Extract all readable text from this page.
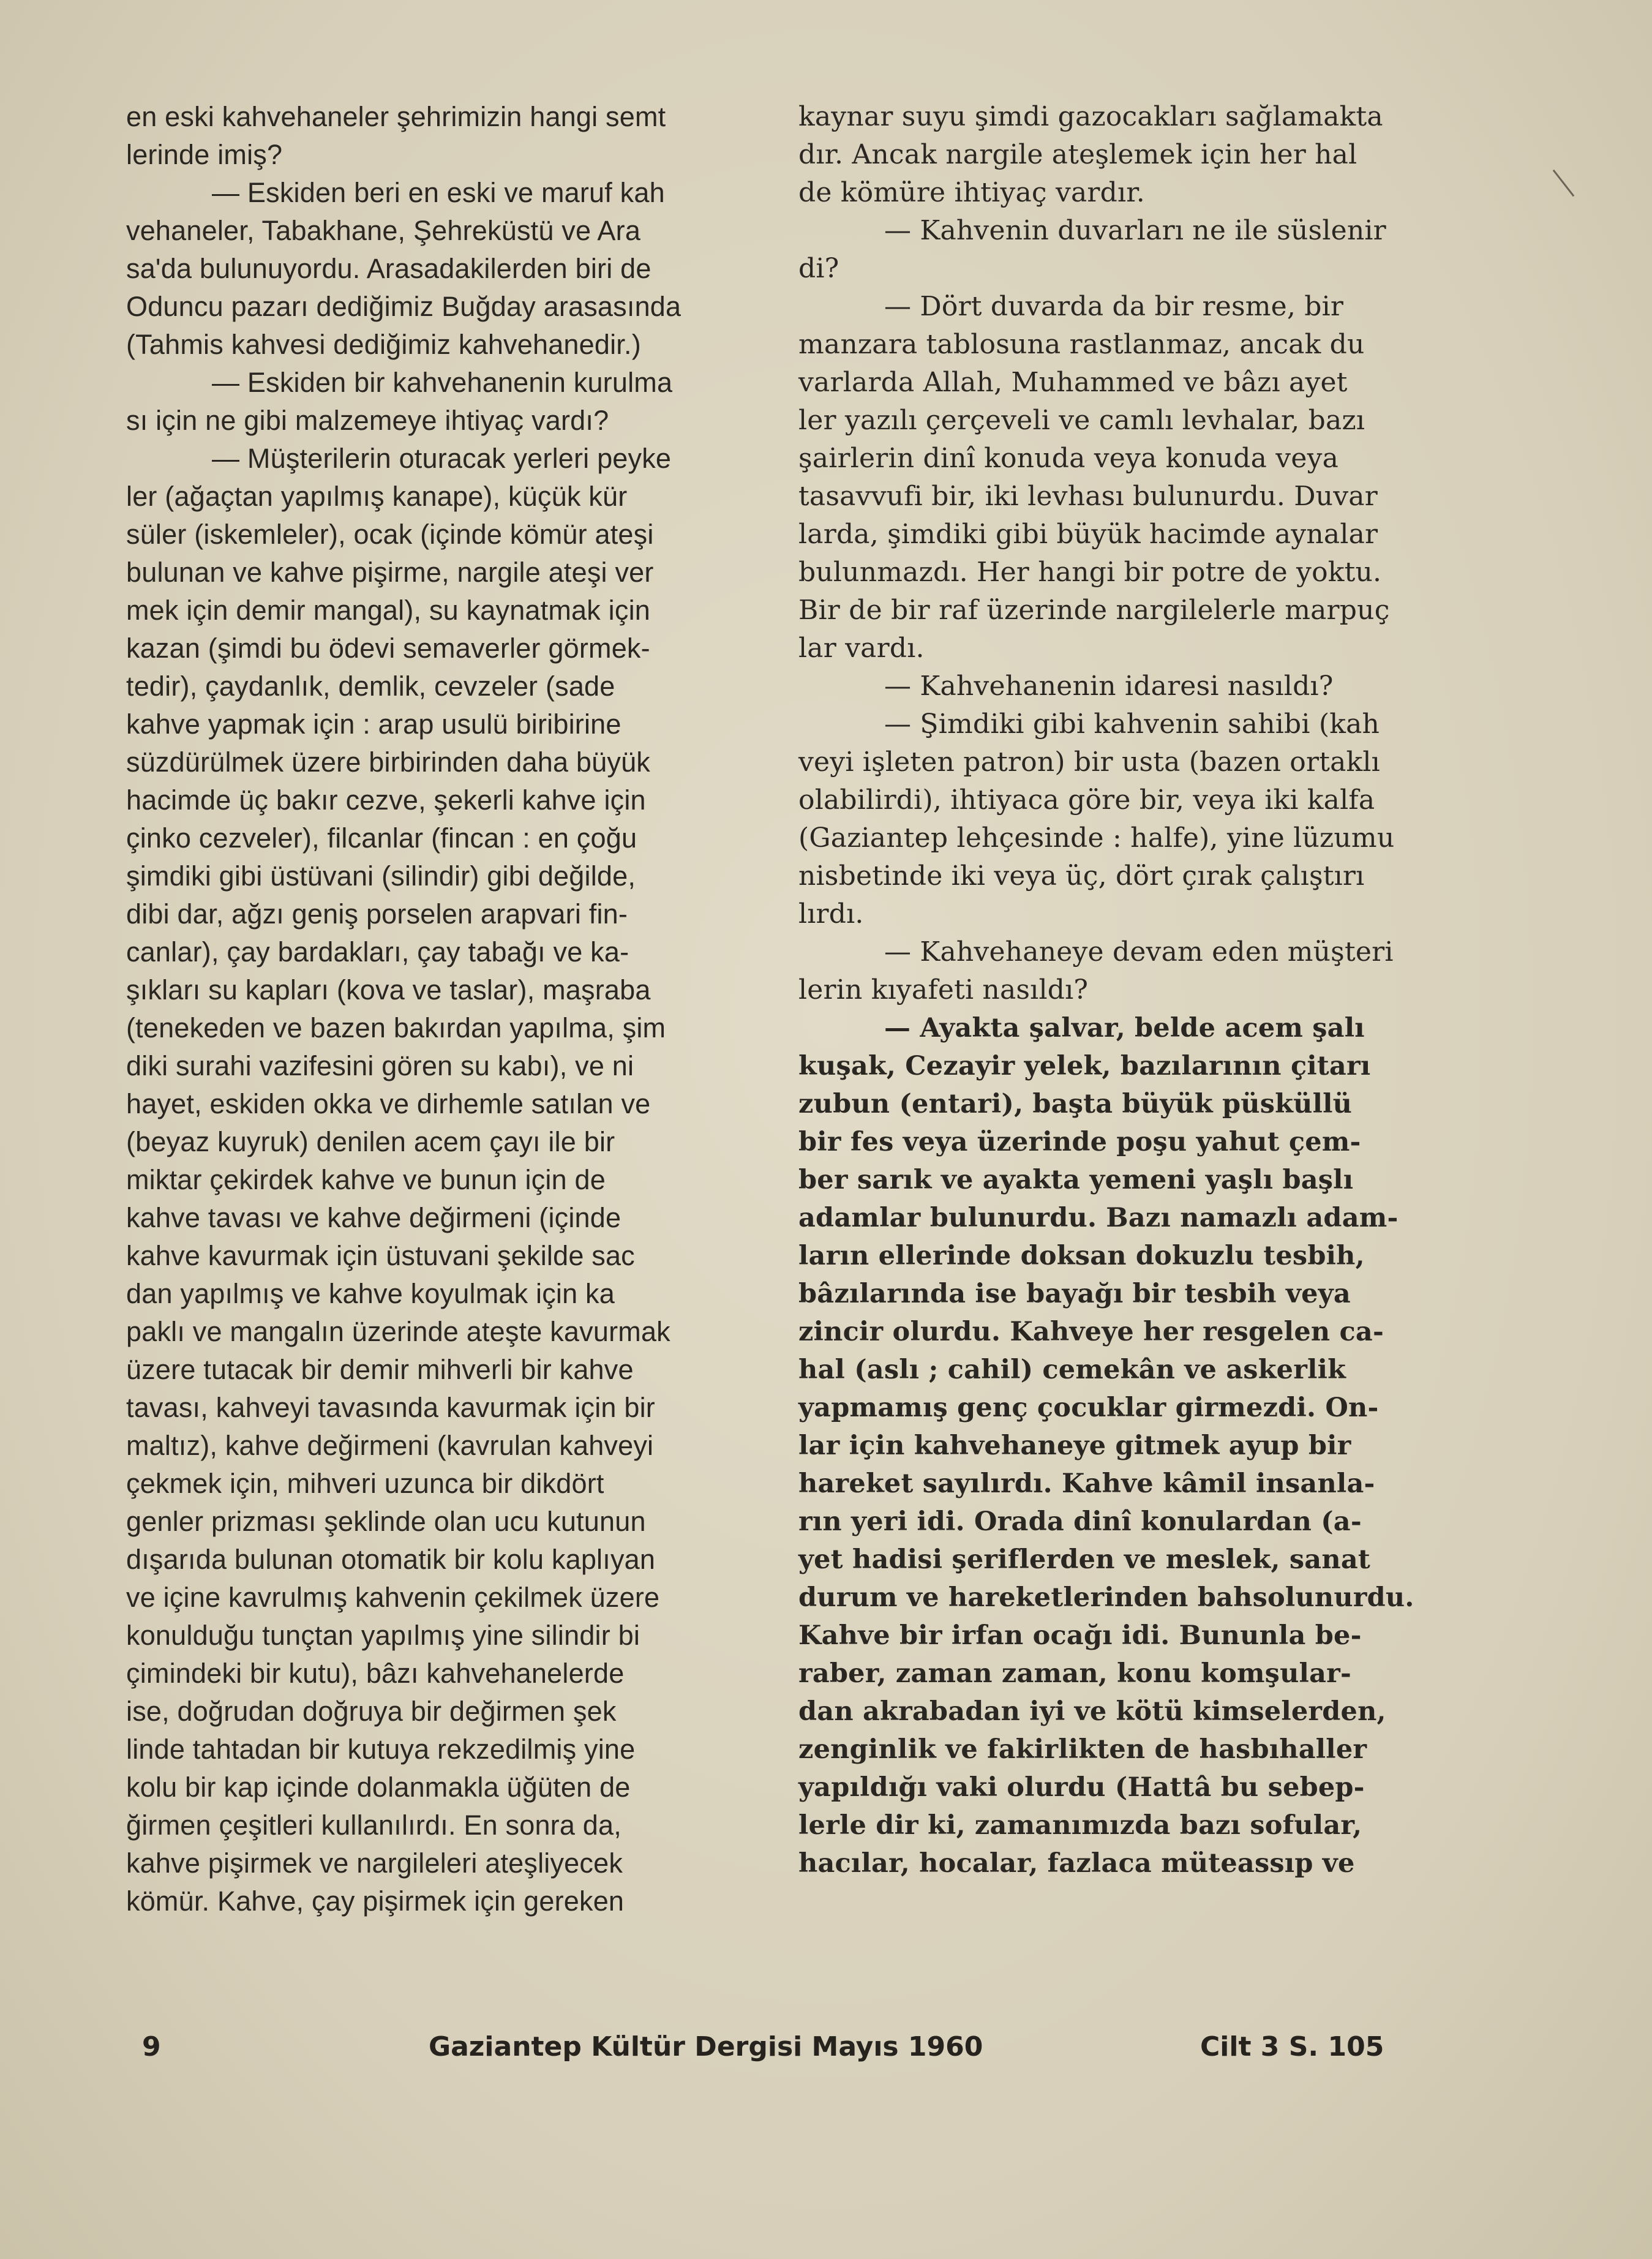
en eski kahvehaneler şehrimizin hangi semt
lerinde imiş?
— Eskiden beri en eski ve maruf kah
vehaneler, Tabakhane, Şehreküstü ve Ara
sa'da bulunuyordu. Arasadakilerden biri de
Oduncu pazarı dediğimiz Buğday arasasında
(Tahmis kahvesi dediğimiz kahvehanedir.)
— Eskiden bir kahvehanenin kurulma
sı için ne gibi malzemeye ihtiyaç vardı?
— Müşterilerin oturacak yerleri peyke
ler (ağaçtan yapılmış kanape), küçük kür
süler (iskemleler), ocak (içinde kömür ateşi
bulunan ve kahve pişirme, nargile ateşi ver
mek için demir mangal), su kaynatmak için
kazan (şimdi bu ödevi semaverler görmek-
tedir), çaydanlık, demlik, cevzeler (sade
kahve yapmak için : arap usulü biribirine
süzdürülmek üzere birbirinden daha büyük
hacimde üç bakır cezve, şekerli kahve için
çinko cezveler), filcanlar (fincan : en çoğu
şimdiki gibi üstüvani (silindir) gibi değilde,
dibi dar, ağzı geniş porselen arapvari fin-
canlar), çay bardakları, çay tabağı ve ka-
şıkları su kapları (kova ve taslar), maşraba
(tenekeden ve bazen bakırdan yapılma, şim
diki surahi vazifesini gören su kabı), ve ni
hayet, eskiden okka ve dirhemle satılan ve
(beyaz kuyruk) denilen acem çayı ile bir
miktar çekirdek kahve ve bunun için de
kahve tavası ve kahve değirmeni (içinde
kahve kavurmak için üstuvani şekilde sac
dan yapılmış ve kahve koyulmak için ka
paklı ve mangalın üzerinde ateşte kavurmak
üzere tutacak bir demir mihverli bir kahve
tavası, kahveyi tavasında kavurmak için bir
maltız), kahve değirmeni (kavrulan kahveyi
çekmek için, mihveri uzunca bir dikdört
genler prizması şeklinde olan ucu kutunun
dışarıda bulunan otomatik bir kolu kaplıyan
ve içine kavrulmış kahvenin çekilmek üzere
konulduğu tunçtan yapılmış yine silindir bi
çimindeki bir kutu), bâzı kahvehanelerde
ise, doğrudan doğruya bir değirmen şek
linde tahtadan bir kutuya rekzedilmiş yine
kolu bir kap içinde dolanmakla üğüten de
ğirmen çeşitleri kullanılırdı. En sonra da,
kahve pişirmek ve nargileleri ateşliyecek
kömür. Kahve, çay pişirmek için gereken
kaynar suyu şimdi gazocakları sağlamakta
dır. Ancak nargile ateşlemek için her hal
de kömüre ihtiyaç vardır.
— Kahvenin duvarları ne ile süslenir
di?
— Dört duvarda da bir resme, bir
manzara tablosuna rastlanmaz, ancak du
varlarda Allah, Muhammed ve bâzı ayet
ler yazılı çerçeveli ve camlı levhalar, bazı
şairlerin dinî konuda veya konuda veya
tasavvufi bir, iki levhası bulunurdu. Duvar
larda, şimdiki gibi büyük hacimde aynalar
bulunmazdı. Her hangi bir potre de yoktu.
Bir de bir raf üzerinde nargilelerle marpuç
lar vardı.
— Kahvehanenin idaresi nasıldı?
— Şimdiki gibi kahvenin sahibi (kah
veyi işleten patron) bir usta (bazen ortaklı
olabilirdi), ihtiyaca göre bir, veya iki kalfa
(Gaziantep lehçesinde : halfe), yine lüzumu
nisbetinde iki veya üç, dört çırak çalıştırı
lırdı.
— Kahvehaneye devam eden müşteri
lerin kıyafeti nasıldı?
— Ayakta şalvar, belde acem şalı
kuşak, Cezayir yelek, bazılarının çitarı
zubun (entari), başta büyük püsküllü
bir fes veya üzerinde poşu yahut çem-
ber sarık ve ayakta yemeni yaşlı başlı
adamlar bulunurdu. Bazı namazlı adam-
ların ellerinde doksan dokuzlu tesbih,
bâzılarında ise bayağı bir tesbih veya
zincir olurdu. Kahveye her resgelen ca-
hal (aslı ; cahil) cemekân ve askerlik
yapmamış genç çocuklar girmezdi. On-
lar için kahvehaneye gitmek ayup bir
hareket sayılırdı. Kahve kâmil insanla-
rın yeri idi. Orada dinî konulardan (a-
yet hadisi şeriflerden ve meslek, sanat
durum ve hareketlerinden bahsolunurdu.
Kahve bir irfan ocağı idi. Bununla be-
raber, zaman zaman, konu komşular-
dan akrabadan iyi ve kötü kimselerden,
zenginlik ve fakirlikten de hasbıhaller
yapıldığı vaki olurdu (Hattâ bu sebep-
lerle dir ki, zamanımızda bazı sofular,
hacılar, hocalar, fazlaca müteassıp ve
9	Gaziantep Kültür Dergisi Mayıs 1960	Cilt 3 S. 105
